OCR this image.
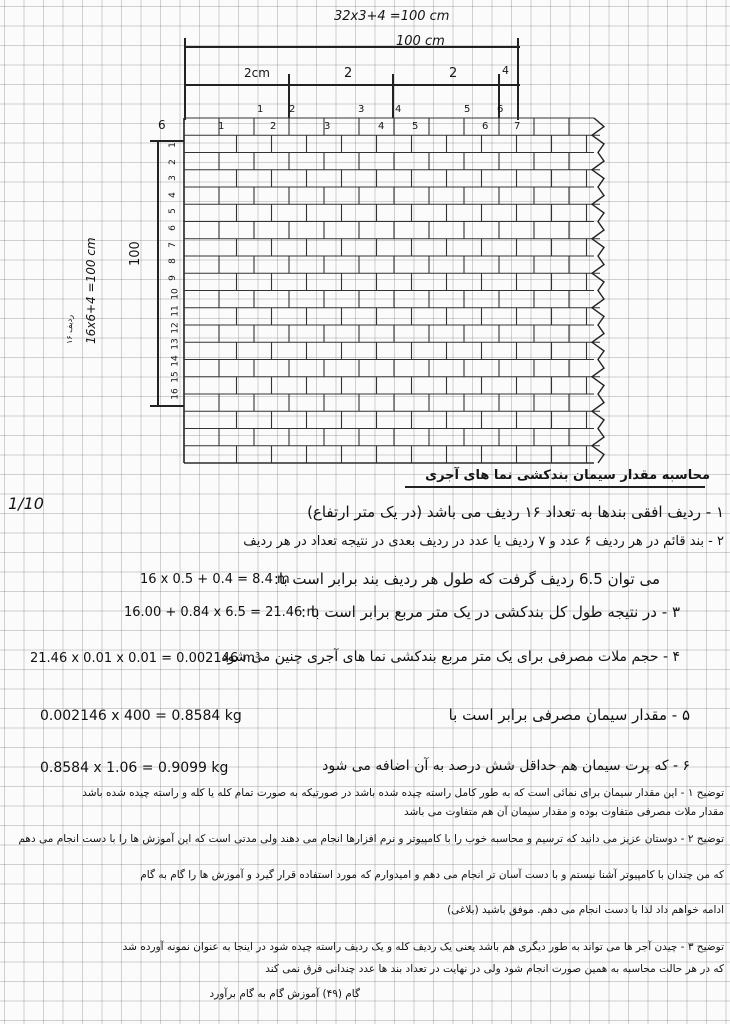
32x3+4 =100 cm
100 cm
2cm	2	2	4
1	2	3	4	5	6
1	2	3	4	5	6	7
6
100
16x6+4 =100 cm
ردیف ۱۶
1
2
3
4
5
6
7
8
9
10
11
12
13
14
15
16
محاسبه مقدار سیمان بندکشی نما های آجری
1/10	۱ - ردیف افقی بندها به تعداد ۱۶ ردیف می باشد (در یک متر ارتفاع)
۲ - بند قائم در هر ردیف ۶ عدد و ۷ ردیف یا عدد در ردیف بعدی در نتیجه تعداد در هر ردیف
می توان 6.5 ردیف گرفت که طول هر ردیف بند برابر است با:
16 x 0.5 + 0.4 = 8.4 m
۳ - در نتیجه طول کل بندکشی در یک متر مربع برابر است با :
16.00 + 0.84 x 6.5 = 21.46 m
۴ - حجم ملات مصرفی برای یک متر مربع بندکشی نما های آجری چنین می شود
21.46 x 0.01 x 0.01 = 0.002146 m³
۵ - مقدار سیمان مصرفی برابر است با
0.002146 x 400 = 0.8584 kg
۶ - که پرت سیمان هم حداقل شش درصد به آن اضافه می شود
0.8584 x 1.06 = 0.9099 kg
توضیح ۱ - این مقدار سیمان برای نمائی است که به طور کامل راسته چیده شده باشد در صورتیکه به صورت تمام کله یا کله و راسته چیده شده باشد
مقدار ملات مصرفی متفاوت بوده و مقدار سیمان آن هم متفاوت می باشد
توضیح ۲ - دوستان عزیز می دانید که ترسیم و محاسبه خوب را با کامپیوتر و نرم افزارها انجام می دهند ولی مدتی است که این آموزش ها را با دست انجام می دهم
که من چندان با کامپیوتر آشنا نیستم و با دست آسان تر انجام می دهم و امیدوارم که مورد استفاده قرار گیرد و آموزش ها را گام به گام
ادامه خواهم داد لذا با دست انجام می دهم. موفق باشید (بلاغی)
توضیح ۳ - چیدن آجر ها می تواند به طور دیگری هم باشد یعنی یک ردیف کله و یک ردیف راسته چیده شود در اینجا به عنوان نمونه آورده شد
که در هر حالت محاسبه به همین صورت انجام شود ولی در نهایت در تعداد بند ها عدد چندانی فرق نمی کند
گام (۴۹) آموزش گام به گام برآورد
